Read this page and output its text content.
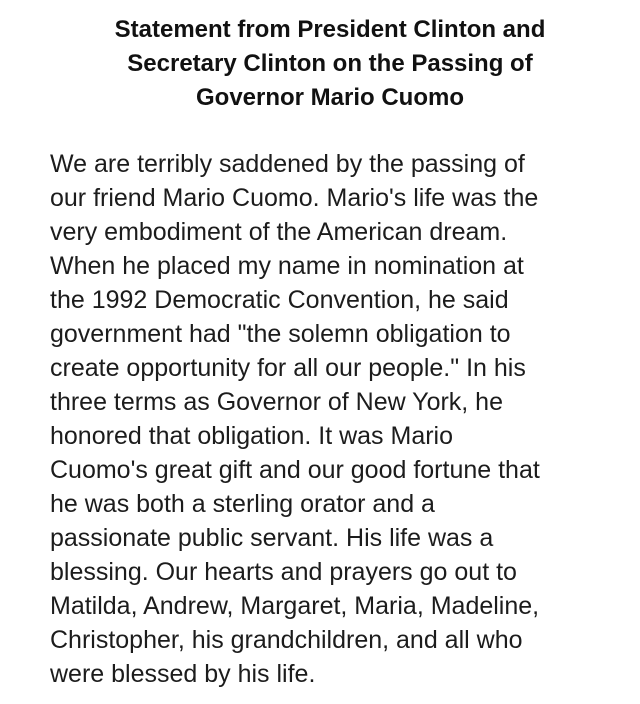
Statement from President Clinton and
Secretary Clinton on the Passing of
Governor Mario Cuomo

We are terribly saddened by the passing of
our friend Mario Cuomo. Mario's life was the
very embodiment of the American dream.
When he placed my name in nomination at
the 1992 Democratic Convention, he said
government had "the solemn obligation to
create opportunity for all our people." In his
three terms as Governor of New York, he
honored that obligation. It was Mario
Cuomo's great gift and our good fortune that
he was both a sterling orator and a
passionate public servant. His life was a
blessing. Our hearts and prayers go out to
Matilda, Andrew, Margaret, Maria, Madeline,
Christopher, his grandchildren, and all who
were blessed by his life.
